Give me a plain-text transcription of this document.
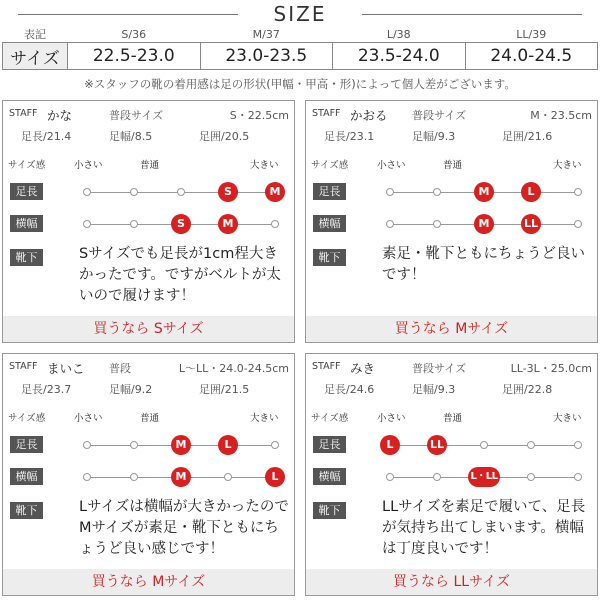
SIZE
表記	S/36	M/37	L/38	LL/39
サイズ	22.5-23.0	23.0-23.5	23.5-24.0	24.0-24.5
※スタッフの靴の着用感は足の形状(甲幅・甲高・形)によって個人差がございます。
STAFF かな	普段サイズ	S・22.5cm
足長/21.4	足幅/8.5	足囲/20.5
サイズ感	小さい	普通	大きい
足長	S	M
横幅	S	M
靴下	Sサイズでも足長が1cm程大きかったです。ですがベルトが太いので履けます！
買うなら Sサイズ
STAFF かおる 普段サイズ	M・23.5cm
足長/23.1	足幅/9.3	足囲/21.6
サイズ感	小さい	普通	大きい
足長	M	L
横幅	M	LL
靴下	素足・靴下ともにちょうど良いです！
買うなら Mサイズ
STAFF まいこ 普段	L〜LL・24.0-24.5cm
足長/23.7	足幅/9.2	足囲/21.5
サイズ感	小さい	普通	大きい
足長	M	L
横幅	M	L
靴下	Lサイズは横幅が大きかったのでMサイズが素足・靴下ともにちょうど良い感じです！
買うなら Mサイズ
STAFF みき	普段サイズ	LL-3L・25.0cm
足長/24.6	足幅/9.3	足囲/22.8
サイズ感	小さい	普通	大きい
足長	L	LL
横幅	L・LL
靴下	LLサイズを素足で履いて、足長が気持ち出てしまいます。横幅は丁度良いです！
買うなら LLサイズ
